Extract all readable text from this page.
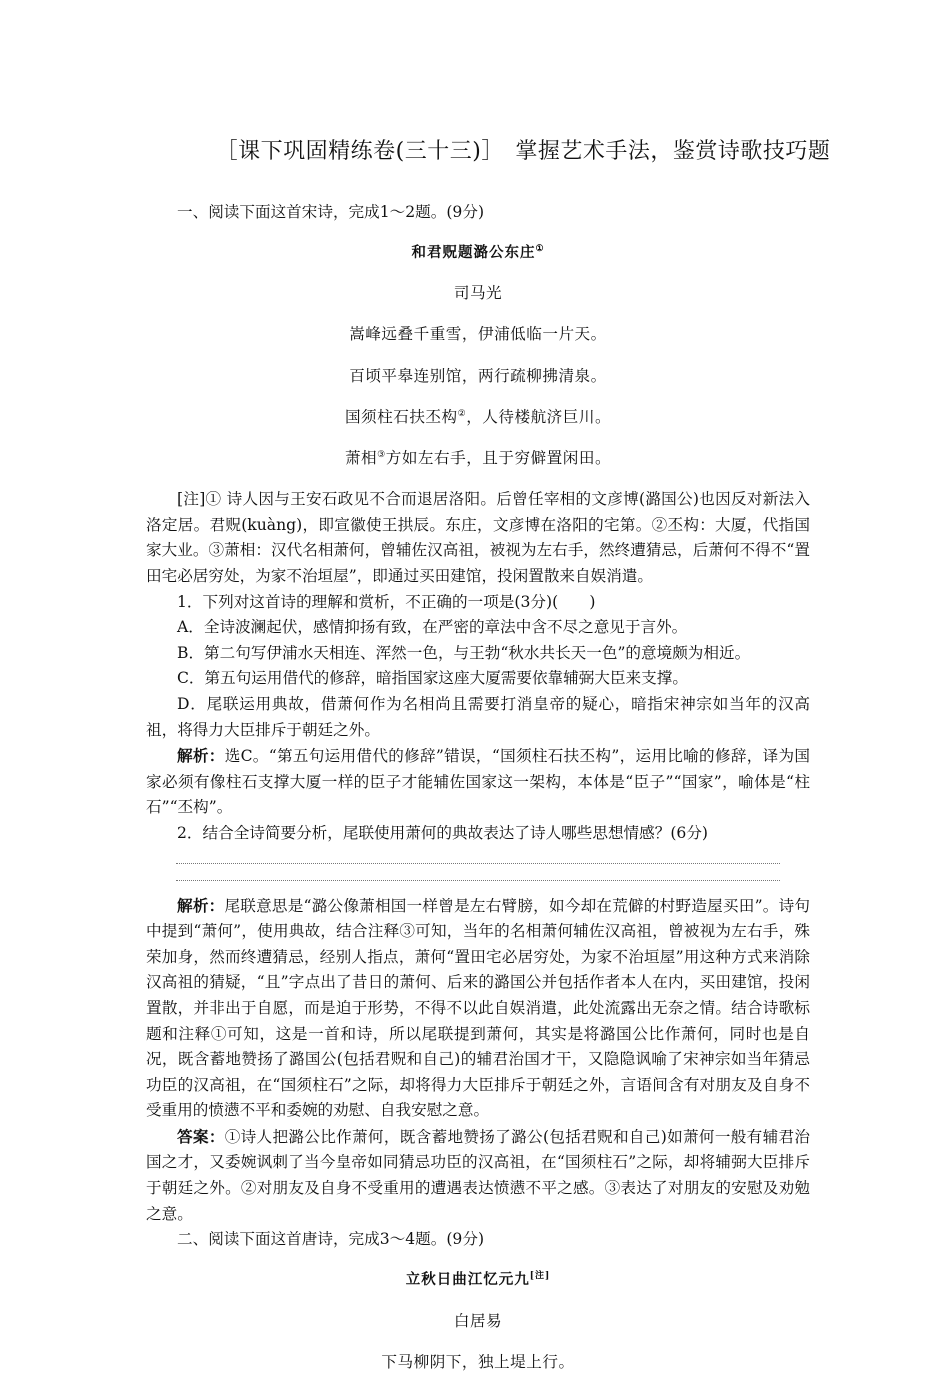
［课下巩固精练卷(三十三)］　掌握艺术手法，鉴赏诗歌技巧题

一、阅读下面这首宋诗，完成1～2题。(9分)

和君贶题潞公东庄①

司马光

嵩峰远叠千重雪，伊浦低临一片天。

百顷平皋连别馆，两行疏柳拂清泉。

国须柱石扶丕构②，人待楼航济巨川。

萧相③方如左右手，且于穷僻置闲田。

[注]① 诗人因与王安石政见不合而退居洛阳。后曾任宰相的文彦博(潞国公)也因反对新法入洛定居。君贶(kuàng)，即宣徽使王拱辰。东庄，文彦博在洛阳的宅第。②丕构：大厦，代指国家大业。③萧相：汉代名相萧何，曾辅佐汉高祖，被视为左右手，然终遭猜忌，后萧何不得不“置田宅必居穷处，为家不治垣屋”，即通过买田建馆，投闲置散来自娱消遣。

1．下列对这首诗的理解和赏析，不正确的一项是(3分)(　　)

A．全诗波澜起伏，感情抑扬有致，在严密的章法中含不尽之意见于言外。

B．第二句写伊浦水天相连、浑然一色，与王勃“秋水共长天一色”的意境颇为相近。

C．第五句运用借代的修辞，暗指国家这座大厦需要依靠辅弼大臣来支撑。

D．尾联运用典故，借萧何作为名相尚且需要打消皇帝的疑心，暗指宋神宗如当年的汉高祖，将得力大臣排斥于朝廷之外。

解析：选C。“第五句运用借代的修辞”错误，“国须柱石扶丕构”，运用比喻的修辞，译为国家必须有像柱石支撑大厦一样的臣子才能辅佐国家这一架构，本体是“臣子”“国家”，喻体是“柱石”“丕构”。

2．结合全诗简要分析，尾联使用萧何的典故表达了诗人哪些思想情感？(6分)

解析：尾联意思是“潞公像萧相国一样曾是左右臂膀，如今却在荒僻的村野造屋买田”。诗句中提到“萧何”，使用典故，结合注释③可知，当年的名相萧何辅佐汉高祖，曾被视为左右手，殊荣加身，然而终遭猜忌，经别人指点，萧何“置田宅必居穷处，为家不治垣屋”用这种方式来消除汉高祖的猜疑，“且”字点出了昔日的萧何、后来的潞国公并包括作者本人在内，买田建馆，投闲置散，并非出于自愿，而是迫于形势，不得不以此自娱消遣，此处流露出无奈之情。结合诗歌标题和注释①可知，这是一首和诗，所以尾联提到萧何，其实是将潞国公比作萧何，同时也是自况，既含蓄地赞扬了潞国公(包括君贶和自己)的辅君治国才干，又隐隐讽喻了宋神宗如当年猜忌功臣的汉高祖，在“国须柱石”之际，却将得力大臣排斥于朝廷之外，言语间含有对朋友及自身不受重用的愤懑不平和委婉的劝慰、自我安慰之意。

答案：①诗人把潞公比作萧何，既含蓄地赞扬了潞公(包括君贶和自己)如萧何一般有辅君治国之才，又委婉讽刺了当今皇帝如同猜忌功臣的汉高祖，在“国须柱石”之际，却将辅弼大臣排斥于朝廷之外。②对朋友及自身不受重用的遭遇表达愤懑不平之感。③表达了对朋友的安慰及劝勉之意。

二、阅读下面这首唐诗，完成3～4题。(9分)

立秋日曲江忆元九[注]

白居易

下马柳阴下，独上堤上行。
